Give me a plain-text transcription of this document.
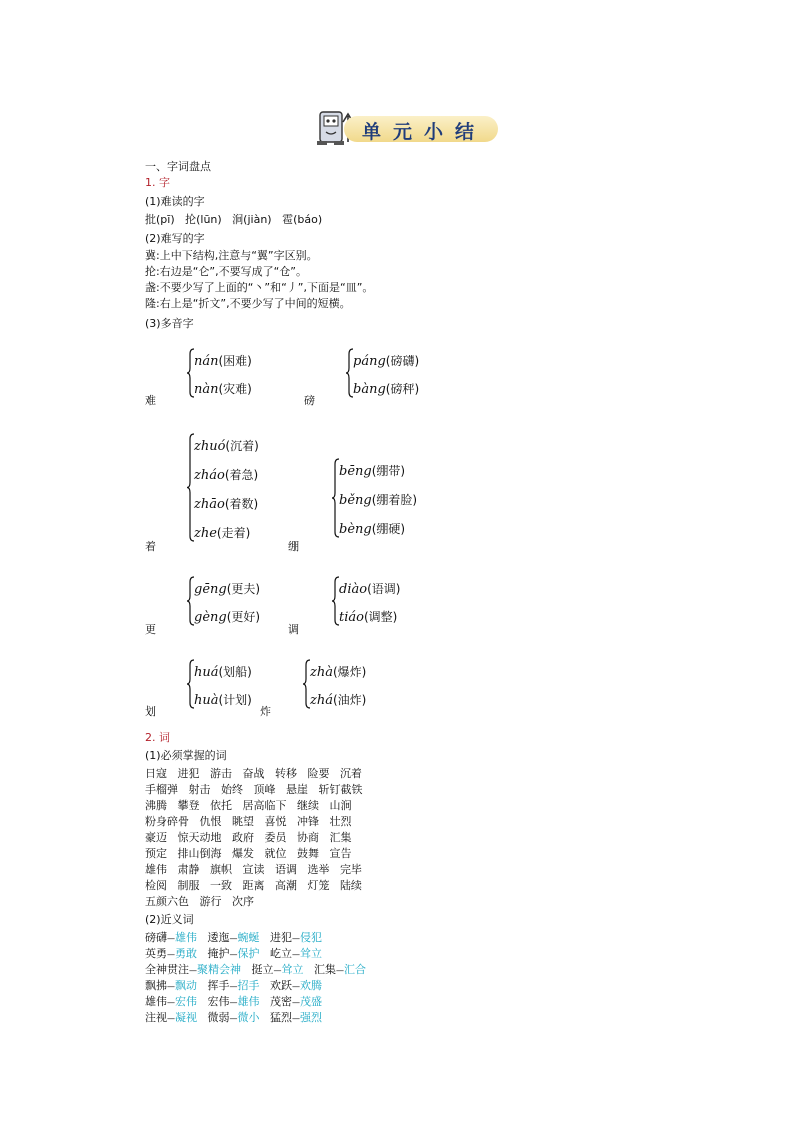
单元小结
一、字词盘点
1. 字
(1)难读的字
批(pī)   抡(lūn)   涧(jiàn)   雹(báo)
(2)难写的字
冀:上中下结构,注意与“翼”字区别。
抡:右边是“仑”,不要写成了“仓”。
盏:不要少写了上面的“丶”和“丿”,下面是“皿”。
隆:右上是“折文”,不要少写了中间的短横。
(3)多音字
难
nán(困难)
nàn(灾难)
磅
páng(磅礴)
bàng(磅秤)
着
zhuó(沉着)
zháo(着急)
zhāo(着数)
zhe(走着)
绷
bēng(绷带)
běng(绷着脸)
bèng(绷硬)
更
gēng(更夫)
gèng(更好)
调
diào(语调)
tiáo(调整)
划
huá(划船)
huà(计划)
炸
zhà(爆炸)
zhá(油炸)
2. 词
(1)必须掌握的词
日寇   进犯   游击   奋战   转移   险要   沉着
手榴弹   射击   始终   顶峰   悬崖   斩钉截铁
沸腾   攀登   依托   居高临下   继续   山涧
粉身碎骨   仇恨   眺望   喜悦   冲锋   壮烈
豪迈   惊天动地   政府   委员   协商   汇集
预定   排山倒海   爆发   就位   鼓舞   宣告
雄伟   肃静   旗帜   宣读   语调   选举   完毕
检阅   制服   一致   距离   高潮   灯笼   陆续
五颜六色   游行   次序
(2)近义词
磅礴—雄伟 逶迤—蜿蜒 进犯—侵犯
英勇—勇敢 掩护—保护 屹立—耸立
全神贯注—聚精会神 挺立—耸立 汇集—汇合
飘拂—飘动 挥手—招手 欢跃—欢腾
雄伟—宏伟 宏伟—雄伟 茂密—茂盛
注视—凝视 微弱—微小 猛烈—强烈
